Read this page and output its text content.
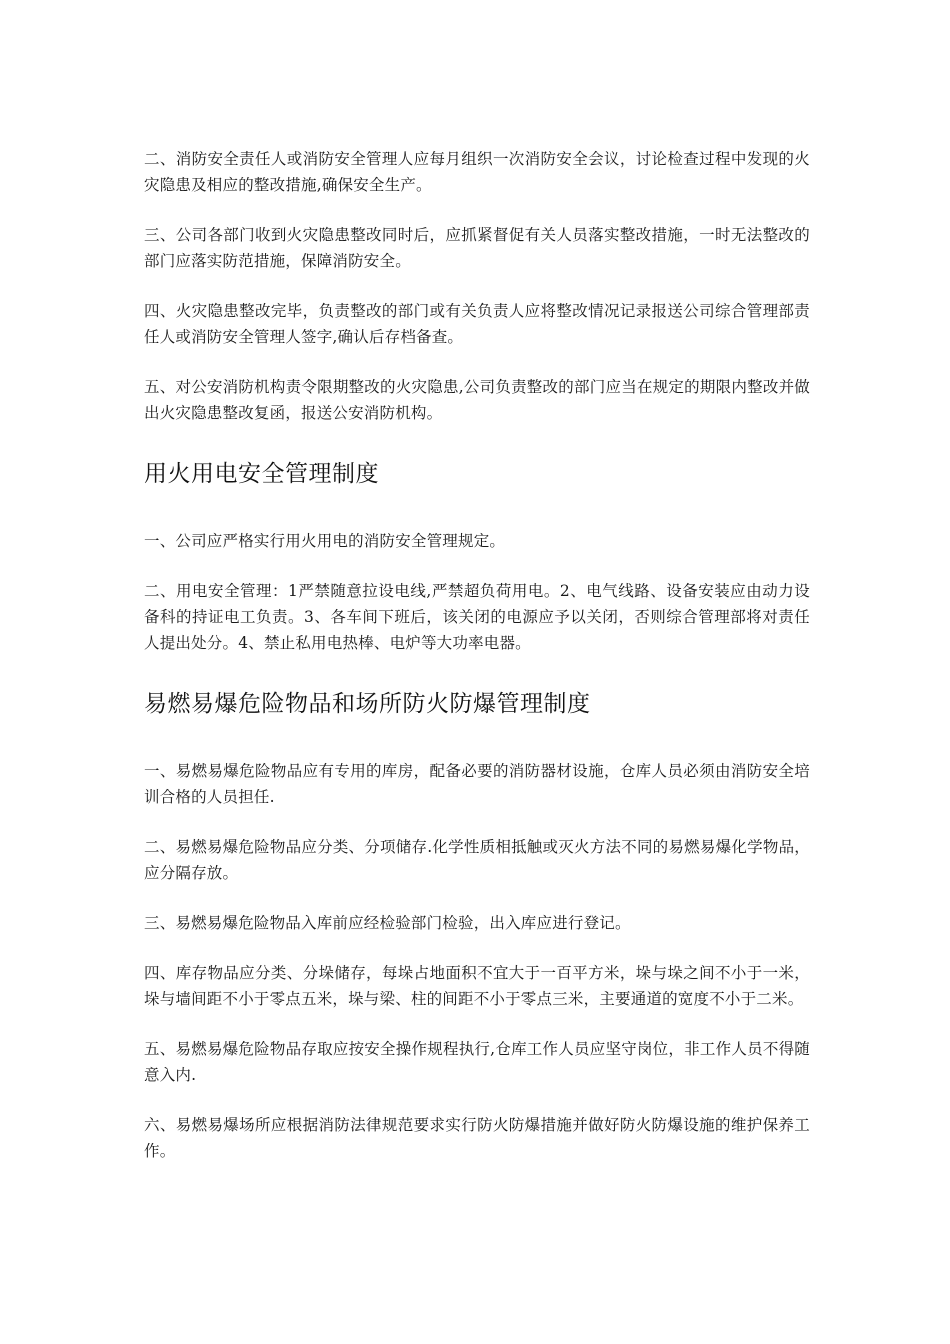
二、消防安全责任人或消防安全管理人应每月组织一次消防安全会议，讨论检查过程中发现的火灾隐患及相应的整改措施,确保安全生产。

三、公司各部门收到火灾隐患整改同时后，应抓紧督促有关人员落实整改措施，一时无法整改的部门应落实防范措施，保障消防安全。

四、火灾隐患整改完毕，负责整改的部门或有关负责人应将整改情况记录报送公司综合管理部责任人或消防安全管理人签字,确认后存档备查。

五、对公安消防机构责令限期整改的火灾隐患,公司负责整改的部门应当在规定的期限内整改并做出火灾隐患整改复函，报送公安消防机构。

用火用电安全管理制度

一、公司应严格实行用火用电的消防安全管理规定。

二、用电安全管理：1严禁随意拉设电线,严禁超负荷用电。2、电气线路、设备安装应由动力设备科的持证电工负责。3、各车间下班后，该关闭的电源应予以关闭，否则综合管理部将对责任人提出处分。4、禁止私用电热棒、电炉等大功率电器。

易燃易爆危险物品和场所防火防爆管理制度

一、易燃易爆危险物品应有专用的库房，配备必要的消防器材设施，仓库人员必须由消防安全培训合格的人员担任.

二、易燃易爆危险物品应分类、分项储存.化学性质相抵触或灭火方法不同的易燃易爆化学物品，应分隔存放。

三、易燃易爆危险物品入库前应经检验部门检验，出入库应进行登记。

四、库存物品应分类、分垛储存，每垛占地面积不宜大于一百平方米，垛与垛之间不小于一米，垛与墙间距不小于零点五米，垛与梁、柱的间距不小于零点三米，主要通道的宽度不小于二米。

五、易燃易爆危险物品存取应按安全操作规程执行,仓库工作人员应坚守岗位，非工作人员不得随意入内.

六、易燃易爆场所应根据消防法律规范要求实行防火防爆措施并做好防火防爆设施的维护保养工作。
